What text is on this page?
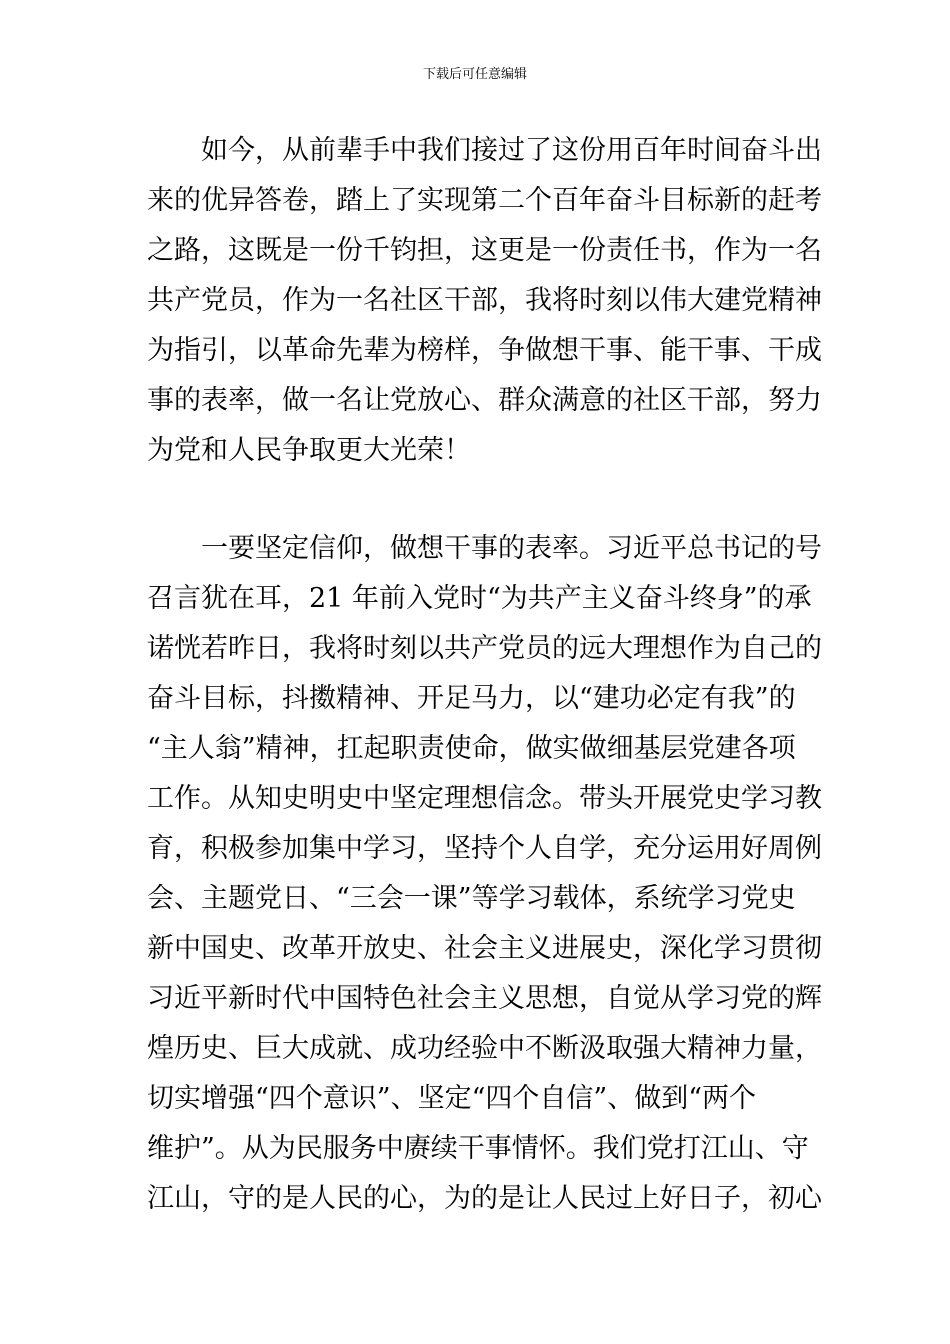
下载后可任意编辑

　　如今，从前辈手中我们接过了这份用百年时间奋斗出

来的优异答卷，踏上了实现第二个百年奋斗目标新的赶考

之路，这既是一份千钧担，这更是一份责任书，作为一名

共产党员，作为一名社区干部，我将时刻以伟大建党精神

为指引，以革命先辈为榜样，争做想干事、能干事、干成

事的表率，做一名让党放心、群众满意的社区干部，努力

为党和人民争取更大光荣！

　　一要坚定信仰，做想干事的表率。习近平总书记的号

召言犹在耳，21 年前入党时“为共产主义奋斗终身”的承

诺恍若昨日，我将时刻以共产党员的远大理想作为自己的

奋斗目标，抖擞精神、开足马力，以“建功必定有我”的

“主人翁”精神，扛起职责使命，做实做细基层党建各项

工作。从知史明史中坚定理想信念。带头开展党史学习教

育，积极参加集中学习，坚持个人自学，充分运用好周例

会、主题党日、“三会一课”等学习载体，系统学习党史

新中国史、改革开放史、社会主义进展史，深化学习贯彻

习近平新时代中国特色社会主义思想，自觉从学习党的辉

煌历史、巨大成就、成功经验中不断汲取强大精神力量，

切实增强“四个意识”、坚定“四个自信”、做到“两个

维护”。从为民服务中赓续干事情怀。我们党打江山、守

江山，守的是人民的心，为的是让人民过上好日子，初心
